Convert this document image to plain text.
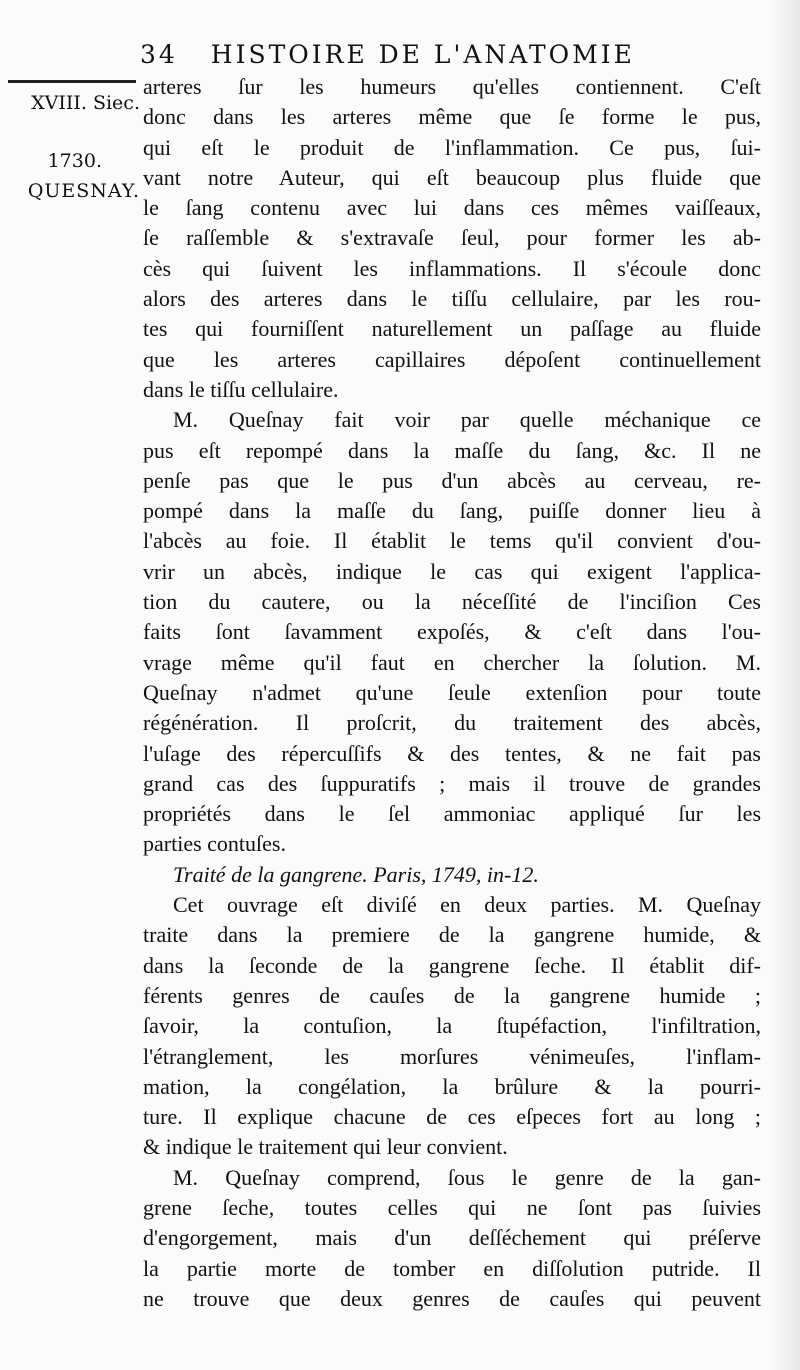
34 HISTOIRE DE L'ANATOMIE
XVIII. Siec.
1730.
QUESNAY.
arteres ſur les humeurs qu'elles contiennent. C'eſt
donc dans les arteres même que ſe forme le pus,
qui eſt le produit de l'inflammation. Ce pus, ſui-
vant notre Auteur, qui eſt beaucoup plus fluide que
le ſang contenu avec lui dans ces mêmes vaiſſeaux,
ſe raſſemble & s'extravaſe ſeul, pour former les ab-
cès qui ſuivent les inflammations. Il s'écoule donc
alors des arteres dans le tiſſu cellulaire, par les rou-
tes qui fourniſſent naturellement un paſſage au fluide
que les arteres capillaires dépoſent continuellement
dans le tiſſu cellulaire.
M. Queſnay fait voir par quelle méchanique ce
pus eſt repompé dans la maſſe du ſang, &c. Il ne
penſe pas que le pus d'un abcès au cerveau, re-
pompé dans la maſſe du ſang, puiſſe donner lieu à
l'abcès au foie. Il établit le tems qu'il convient d'ou-
vrir un abcès, indique le cas qui exigent l'applica-
tion du cautere, ou la néceſſité de l'inciſion Ces
faits ſont ſavamment expoſés, & c'eſt dans l'ou-
vrage même qu'il faut en chercher la ſolution. M.
Queſnay n'admet qu'une ſeule extenſion pour toute
régénération. Il proſcrit, du traitement des abcès,
l'uſage des répercuſſifs & des tentes, & ne fait pas
grand cas des ſuppuratifs ; mais il trouve de grandes
propriétés dans le ſel ammoniac appliqué ſur les
parties contuſes.
Traité de la gangrene. Paris, 1749, in-12.
Cet ouvrage eſt diviſé en deux parties. M. Queſnay
traite dans la premiere de la gangrene humide, &
dans la ſeconde de la gangrene ſeche. Il établit dif-
férents genres de cauſes de la gangrene humide ;
ſavoir, la contuſion, la ſtupéfaction, l'infiltration,
l'étranglement, les morſures vénimeuſes, l'inflam-
mation, la congélation, la brûlure & la pourri-
ture. Il explique chacune de ces eſpeces fort au long ;
& indique le traitement qui leur convient.
M. Queſnay comprend, ſous le genre de la gan-
grene ſeche, toutes celles qui ne ſont pas ſuivies
d'engorgement, mais d'un deſſéchement qui préſerve
la partie morte de tomber en diſſolution putride. Il
ne trouve que deux genres de cauſes qui peuvent
